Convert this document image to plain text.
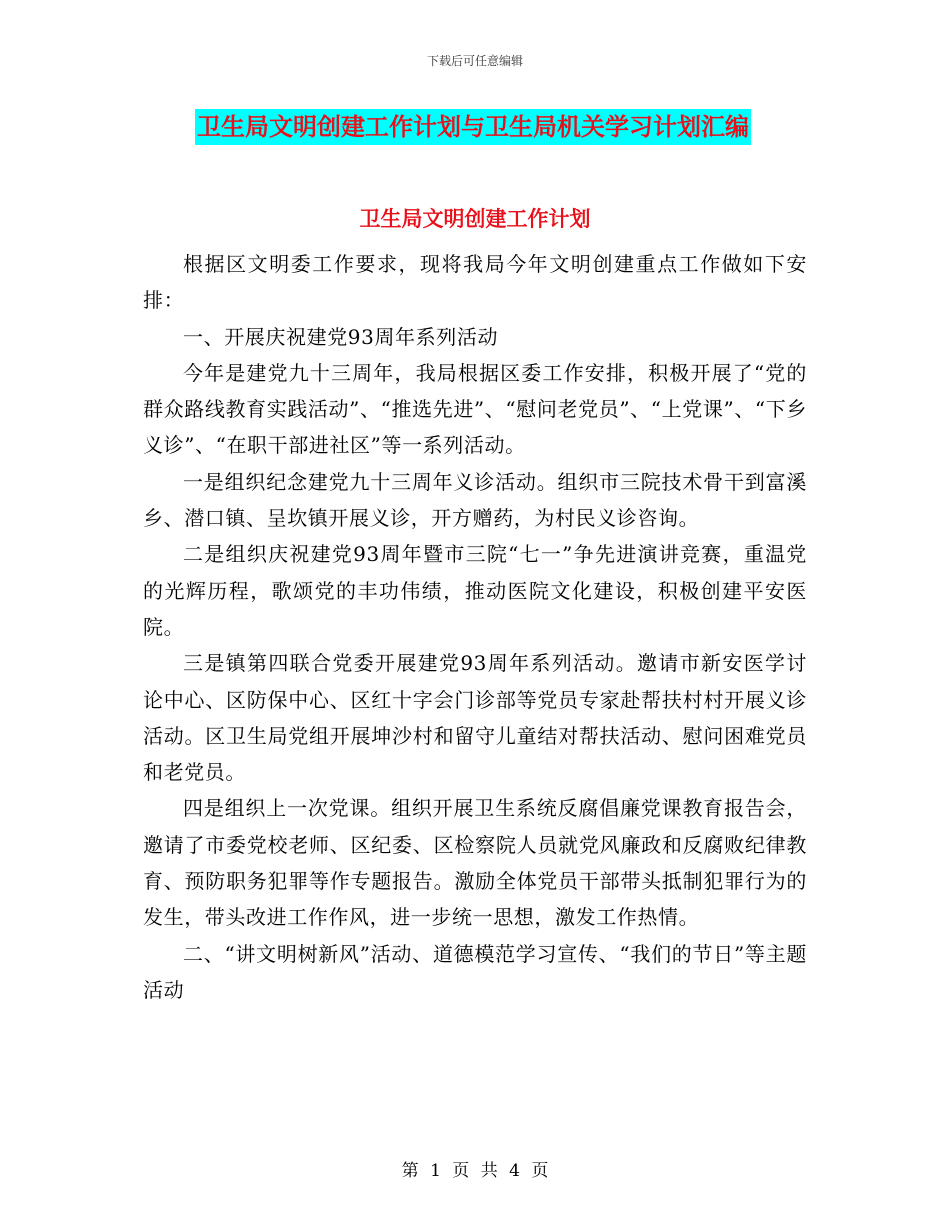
下载后可任意编辑
卫生局文明创建工作计划与卫生局机关学习计划汇编
卫生局文明创建工作计划

根据区文明委工作要求，现将我局今年文明创建重点工作做如下安排：

一、开展庆祝建党93周年系列活动

今年是建党九十三周年，我局根据区委工作安排，积极开展了“党的群众路线教育实践活动”、“推选先进”、“慰问老党员”、“上党课”、“下乡义诊”、“在职干部进社区”等一系列活动。

一是组织纪念建党九十三周年义诊活动。组织市三院技术骨干到富溪乡、潜口镇、呈坎镇开展义诊，开方赠药，为村民义诊咨询。

二是组织庆祝建党93周年暨市三院“七一”争先进演讲竞赛，重温党的光辉历程，歌颂党的丰功伟绩，推动医院文化建设，积极创建平安医院。

三是镇第四联合党委开展建党93周年系列活动。邀请市新安医学讨论中心、区防保中心、区红十字会门诊部等党员专家赴帮扶村村开展义诊活动。区卫生局党组开展坤沙村和留守儿童结对帮扶活动、慰问困难党员和老党员。

四是组织上一次党课。组织开展卫生系统反腐倡廉党课教育报告会，邀请了市委党校老师、区纪委、区检察院人员就党风廉政和反腐败纪律教育、预防职务犯罪等作专题报告。激励全体党员干部带头抵制犯罪行为的发生，带头改进工作作风，进一步统一思想，激发工作热情。

二、“讲文明树新风”活动、道德模范学习宣传、“我们的节日”等主题活动

第 1 页 共 4 页
